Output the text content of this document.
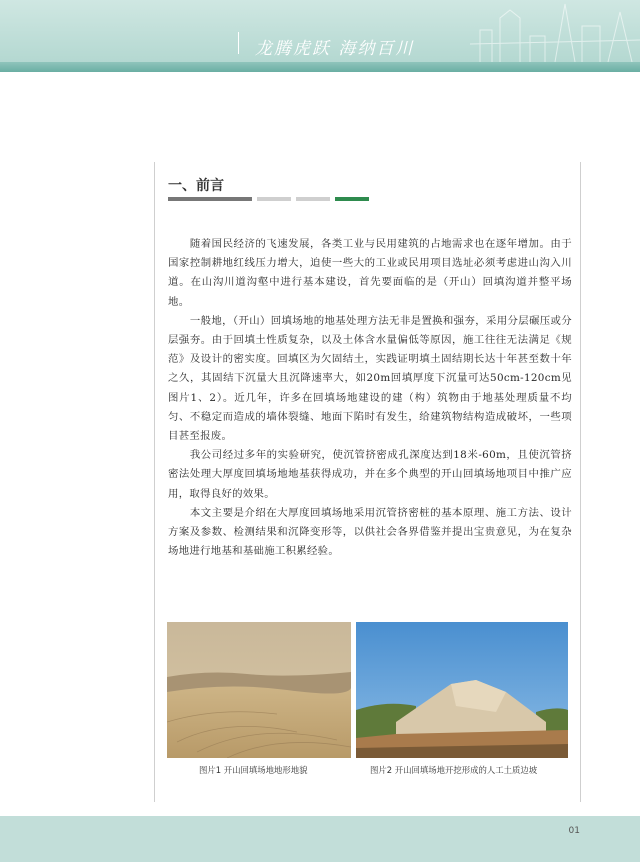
龙腾虎跃 海纳百川
一、前言

随着国民经济的飞速发展，各类工业与民用建筑的占地需求也在逐年增加。由于国家控制耕地红线压力增大，迫使一些大的工业或民用项目选址必须考虑进山沟入川道。在山沟川道沟壑中进行基本建设，首先要面临的是（开山）回填沟道并整平场地。

一般地，（开山）回填场地的地基处理方法无非是置换和强夯，采用分层碾压或分层强夯。由于回填土性质复杂，以及土体含水量偏低等原因，施工往往无法满足《规范》及设计的密实度。回填区为欠固结土，实践证明填土固结期长达十年甚至数十年之久，其固结下沉量大且沉降速率大，如20m回填厚度下沉量可达50cm-120cm见图片1、2）。近几年，许多在回填场地建设的建（构）筑物由于地基处理质量不均匀、不稳定而造成的墙体裂缝、地面下陷时有发生，给建筑物结构造成破坏，一些项目甚至报废。

我公司经过多年的实验研究，使沉管挤密成孔深度达到18米-60m，且使沉管挤密法处理大厚度回填场地地基获得成功，并在多个典型的开山回填场地项目中推广应用，取得良好的效果。

本文主要是介绍在大厚度回填场地采用沉管挤密桩的基本原理、施工方法、设计方案及参数、检测结果和沉降变形等，以供社会各界借鉴并提出宝贵意见，为在复杂场地进行地基和基础施工积累经验。

图片1 开山回填场地地形地貌	图片2 开山回填场地开挖形成的人工土质边坡
01
